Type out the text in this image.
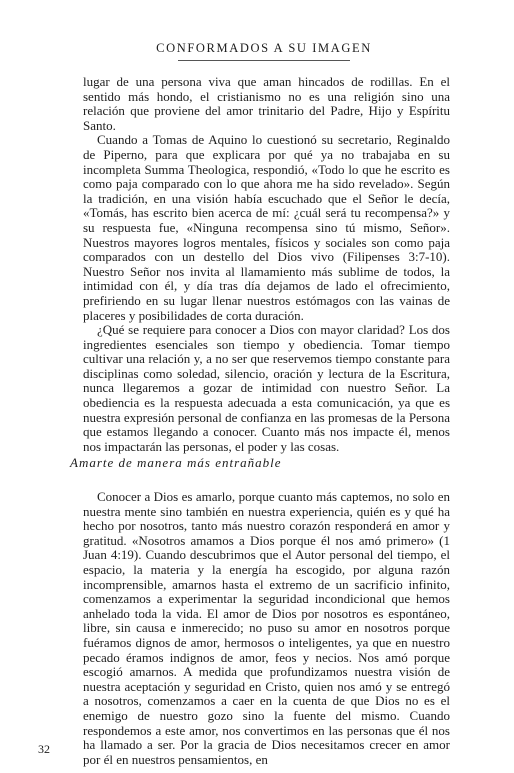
CONFORMADOS A SU IMAGEN

lugar de una persona viva que aman hincados de rodillas. En el sentido más hondo, el cristianismo no es una religión sino una relación que proviene del amor trinitario del Padre, Hijo y Espíritu Santo.

Cuando a Tomas de Aquino lo cuestionó su secretario, Reginaldo de Piperno, para que explicara por qué ya no trabajaba en su incompleta Summa Theologica, respondió, «Todo lo que he escrito es como paja comparado con lo que ahora me ha sido revelado». Según la tradición, en una visión había escuchado que el Señor le decía, «Tomás, has escrito bien acerca de mí: ¿cuál será tu recompensa?» y su respuesta fue, «Ninguna recompensa sino tú mismo, Señor». Nuestros mayores logros mentales, físicos y sociales son como paja comparados con un destello del Dios vivo (Filipenses 3:7-10). Nuestro Señor nos invita al llamamiento más sublime de todos, la intimidad con él, y día tras día dejamos de lado el ofrecimiento, prefiriendo en su lugar llenar nuestros estómagos con las vainas de placeres y posibilidades de corta duración.

¿Qué se requiere para conocer a Dios con mayor claridad? Los dos ingredientes esenciales son tiempo y obediencia. Tomar tiempo cultivar una relación y, a no ser que reservemos tiempo constante para disciplinas como soledad, silencio, oración y lectura de la Escritura, nunca llegaremos a gozar de intimidad con nuestro Señor. La obediencia es la respuesta adecuada a esta comunicación, ya que es nuestra expresión personal de confianza en las promesas de la Persona que estamos llegando a conocer. Cuanto más nos impacte él, menos nos impactarán las personas, el poder y las cosas.

Amarte de manera más entrañable

Conocer a Dios es amarlo, porque cuanto más captemos, no solo en nuestra mente sino también en nuestra experiencia, quién es y qué ha hecho por nosotros, tanto más nuestro corazón responderá en amor y gratitud. «Nosotros amamos a Dios porque él nos amó primero» (1 Juan 4:19). Cuando descubrimos que el Autor personal del tiempo, el espacio, la materia y la energía ha escogido, por alguna razón incomprensible, amarnos hasta el extremo de un sacrificio infinito, comenzamos a experimentar la seguridad incondicional que hemos anhelado toda la vida. El amor de Dios por nosotros es espontáneo, libre, sin causa e inmerecido; no puso su amor en nosotros porque fuéramos dignos de amor, hermosos o inteligentes, ya que en nuestro pecado éramos indignos de amor, feos y necios. Nos amó porque escogió amarnos. A medida que profundizamos nuestra visión de nuestra aceptación y seguridad en Cristo, quien nos amó y se entregó a nosotros, comenzamos a caer en la cuenta de que Dios no es el enemigo de nuestro gozo sino la fuente del mismo. Cuando respondemos a este amor, nos convertimos en las personas que él nos ha llamado a ser. Por la gracia de Dios necesitamos crecer en amor por él en nuestros pensamientos, en

32
